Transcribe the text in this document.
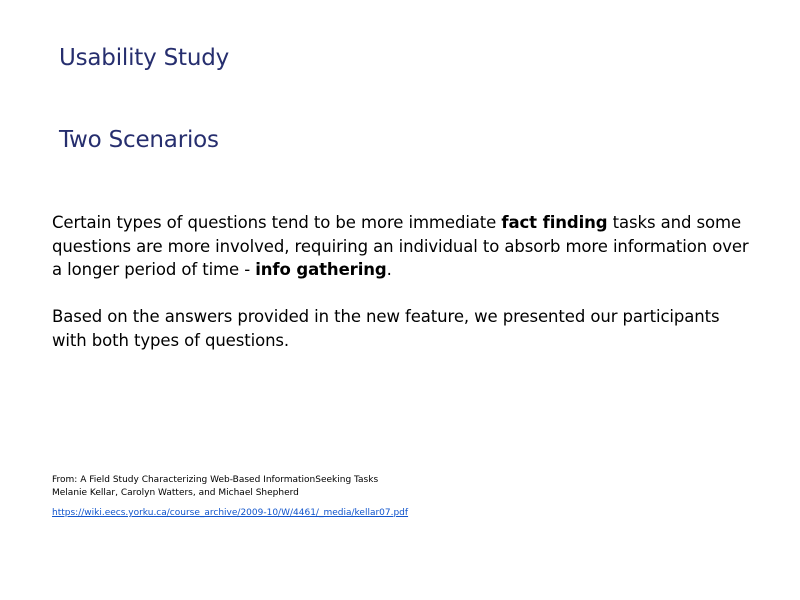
Usability Study
Two Scenarios

Certain types of questions tend to be more immediate fact finding tasks and some questions are more involved, requiring an individual to absorb more information over a longer period of time - info gathering.

Based on the answers provided in the new feature, we presented our participants with both types of questions.

From: A Field Study Characterizing Web-Based InformationSeeking Tasks
Melanie Kellar, Carolyn Watters, and Michael Shepherd
https://wiki.eecs.yorku.ca/course_archive/2009-10/W/4461/_media/kellar07.pdf
